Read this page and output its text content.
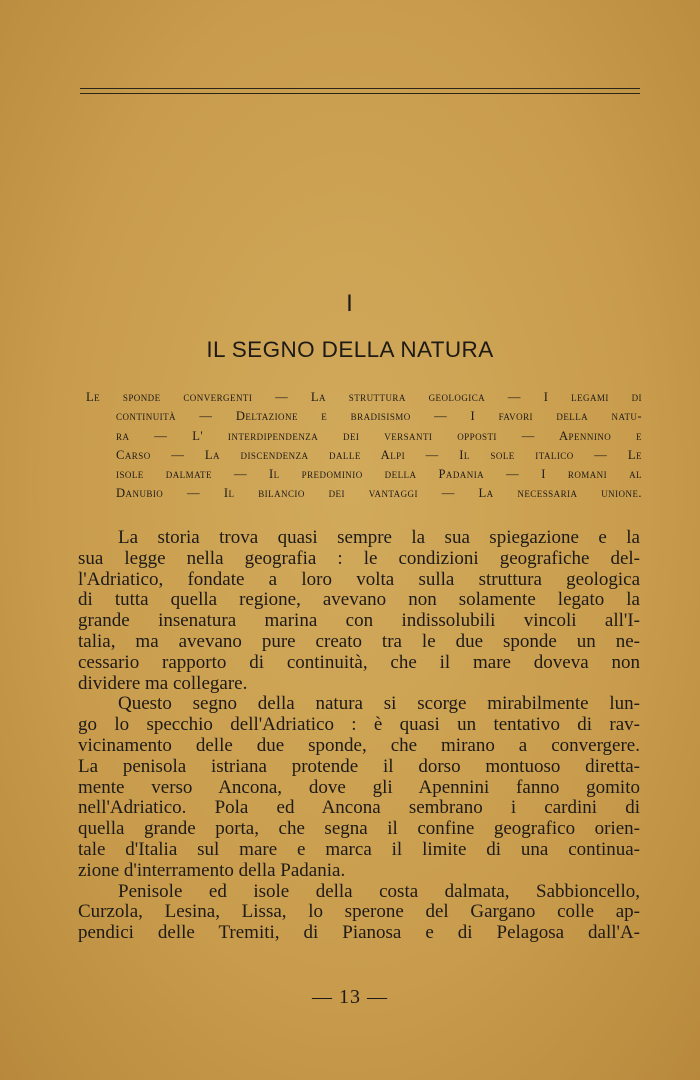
I
IL SEGNO DELLA NATURA
Le sponde convergenti — La struttura geologica — I legami di
continuità — Deltazione e bradisismo — I favori della natu-
ra — L' interdipendenza dei versanti opposti — Apennino e
Carso — La discendenza dalle Alpi — Il sole italico — Le
isole dalmate — Il predominio della Padania — I romani al
Danubio — Il bilancio dei vantaggi — La necessaria unione.
La storia trova quasi sempre la sua spiegazione e la
sua legge nella geografia : le condizioni geografiche del-
l'Adriatico, fondate a loro volta sulla struttura geologica
di tutta quella regione, avevano non solamente legato la
grande insenatura marina con indissolubili vincoli all'I-
talia, ma avevano pure creato tra le due sponde un ne-
cessario rapporto di continuità, che il mare doveva non
dividere ma collegare.
Questo segno della natura si scorge mirabilmente lun-
go lo specchio dell'Adriatico : è quasi un tentativo di rav-
vicinamento delle due sponde, che mirano a convergere.
La penisola istriana protende il dorso montuoso diretta-
mente verso Ancona, dove gli Apennini fanno gomito
nell'Adriatico. Pola ed Ancona sembrano i cardini di
quella grande porta, che segna il confine geografico orien-
tale d'Italia sul mare e marca il limite di una continua-
zione d'interramento della Padania.
Penisole ed isole della costa dalmata, Sabbioncello,
Curzola, Lesina, Lissa, lo sperone del Gargano colle ap-
pendici delle Tremiti, di Pianosa e di Pelagosa dall'A-
— 13 —
